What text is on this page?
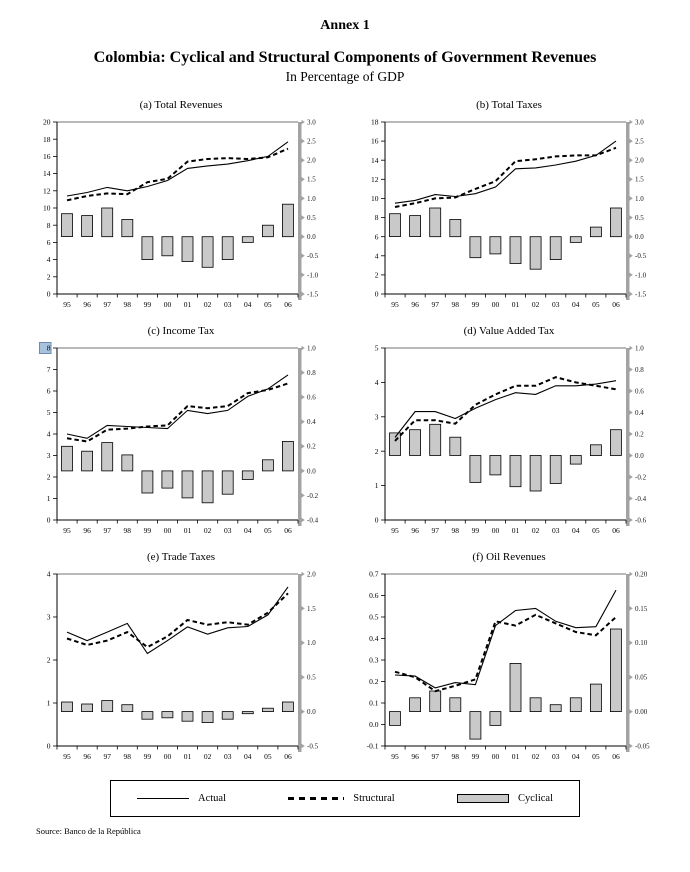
Annex 1
Colombia: Cyclical and Structural Components of Government Revenues
In Percentage of GDP
(a) Total Revenues
20
18
16
14
12
10
8
6
4
2
0
95 96 97 98 99 00 01 02 03 04 05 06
3.0
2.5
2.0
1.5
1.0
0.5
0.0
-0.5
-1.0
-1.5
(b) Total Taxes
18
16
14
12
10
8
6
4
2
0
95 96 97 98 99 00 01 02 03 04 05 06
3.0
2.5
2.0
1.5
1.0
0.5
0.0
-0.5
-1.0
-1.5
(c) Income Tax
8
7
6
5
4
3
2
1
0
95 96 97 98 99 00 01 02 03 04 05 06
1.0
0.8
0.6
0.4
0.2
0.0
-0.2
-0.4
(d) Value Added Tax
5
4
3
2
1
0
95 96 97 98 99 00 01 02 03 04 05 06
1.0
0.8
0.6
0.4
0.2
0.0
-0.2
-0.4
-0.6
(e) Trade Taxes
4
3
2
1
0
95 96 97 98 99 00 01 02 03 04 05 06
2.0
1.5
1.0
0.5
0.0
-0.5
(f) Oil Revenues
0.7
0.6
0.5
0.4
0.3
0.2
0.1
0.0
-0.1
95 96 97 98 99 00 01 02 03 04 05 06
0.20
0.15
0.10
0.05
0.00
-0.05
Actual	Structural	Cyclical
Source: Banco de la República
